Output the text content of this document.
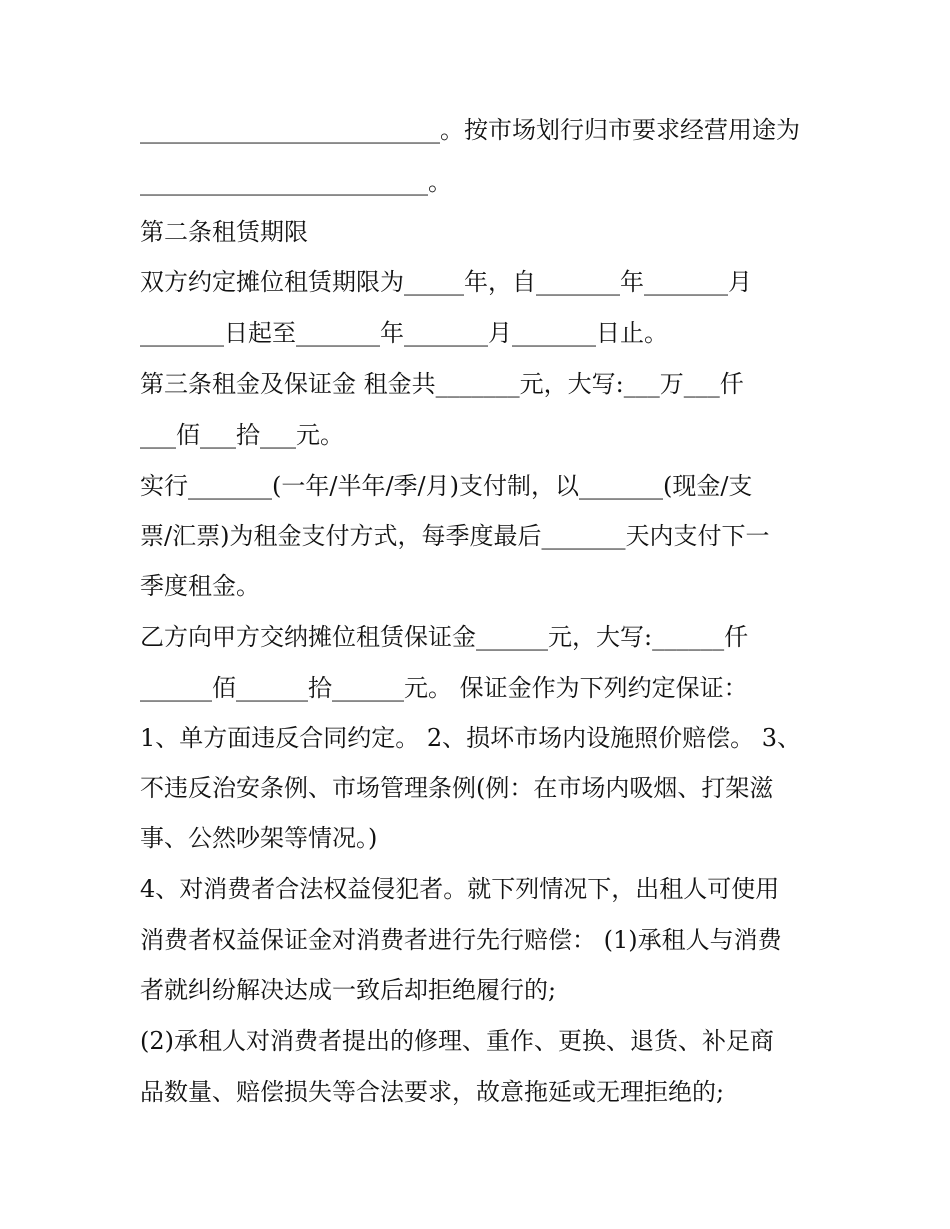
_________________________。按市场划行归市要求经营用途为
________________________。
第二条租赁期限
双方约定摊位租赁期限为_____年，自_______年_______月
_______日起至_______年_______月_______日止。
第三条租金及保证金 租金共_______元，大写:___万___仟
___佰___拾___元。
实行_______(一年/半年/季/月)支付制，以_______(现金/支
票/汇票)为租金支付方式，每季度最后_______天内支付下一
季度租金。
乙方向甲方交纳摊位租赁保证金______元，大写:______仟
______佰______拾______元。 保证金作为下列约定保证：
1、单方面违反合同约定。 2、损坏市场内设施照价赔偿。 3、
不违反治安条例、市场管理条例(例：在市场内吸烟、打架滋
事、公然吵架等情况。)
4、对消费者合法权益侵犯者。就下列情况下，出租人可使用
消费者权益保证金对消费者进行先行赔偿： (1)承租人与消费
者就纠纷解决达成一致后却拒绝履行的;
(2)承租人对消费者提出的修理、重作、更换、退货、补足商
品数量、赔偿损失等合法要求，故意拖延或无理拒绝的;
